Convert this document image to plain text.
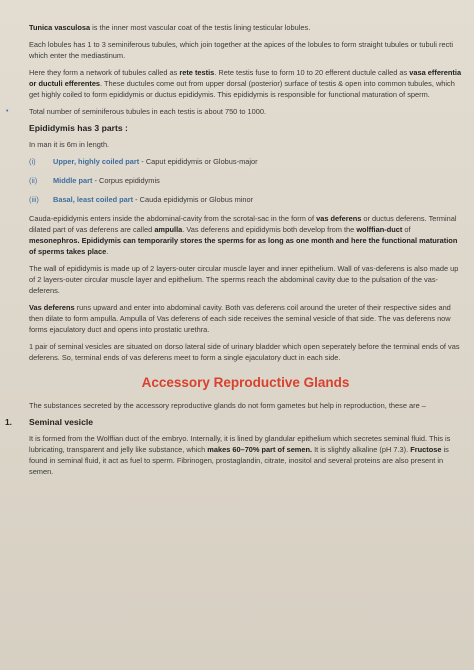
Tunica vasculosa is the inner most vascular coat of the testis lining testicular lobules.

Each lobules has 1 to 3 seminiferous tubules, which join together at the apices of the lobules to form straight tubules or tubuli recti which enter the mediastinum.

Here they form a network of tubules called as rete testis. Rete testis fuse to form 10 to 20 efferent ductule called as vasa efferentia or ductuli efferentes. These ductules come out from upper dorsal (posterior) surface of testis & open into common tubules, which get highly coiled to form epididymis or ductus epididymis. This epididymis is responsible for functional maturation of sperm.

•	Total number of seminiferous tubules in each testis is about 750 to 1000.

Epididymis has 3 parts :

In man it is 6m in length.

(i) Upper, highly coiled part - Caput epididymis or Globus-major

(ii) Middle part - Corpus epididymis

(iii) Basal, least coiled part - Cauda epididymis or Globus minor

Cauda-epididymis enters inside the abdominal-cavity from the scrotal-sac in the form of vas deferens or ductus deferens. Terminal dilated part of vas deferens are called ampulla. Vas deferens and epididymis both develop from the wolffian-duct of mesonephros. Epididymis can temporarily stores the sperms for as long as one month and here the functional maturation of sperms takes place.

The wall of epididymis is made up of 2 layers-outer circular muscle layer and inner epithelium. Wall of vas-deferens is also made up of 2 layers-outer circular muscle layer and epithelium. The sperms reach the abdominal cavity due to the pulsation of the vas-deferens.

Vas deferens runs upward and enter into abdominal cavity. Both vas deferens coil around the ureter of their respective sides and then dilate to form ampulla. Ampulla of Vas deferens of each side receives the seminal vesicle of that side. The vas deferens now forms ejaculatory duct and opens into prostatic urethra.

1 pair of seminal vesicles are situated on dorso lateral side of urinary bladder which open seperately before the terminal ends of vas deferens. So, terminal ends of vas deferens meet to form a single ejaculatory duct in each side.

Accessory Reproductive Glands

The substances secreted by the accessory reproductive glands do not form gametes but help in reproduction, these are –

1. Seminal vesicle

It is formed from the Wolffian duct of the embryo. Internally, it is lined by glandular epithelium which secretes seminal fluid. This is lubricating, transparent and jelly like substance, which makes 60–70% part of semen. It is slightly alkaline (pH 7.3). Fructose is found in seminal fluid, it act as fuel to sperm. Fibrinogen, prostaglandin, citrate, inositol and several proteins are also present in semen.
